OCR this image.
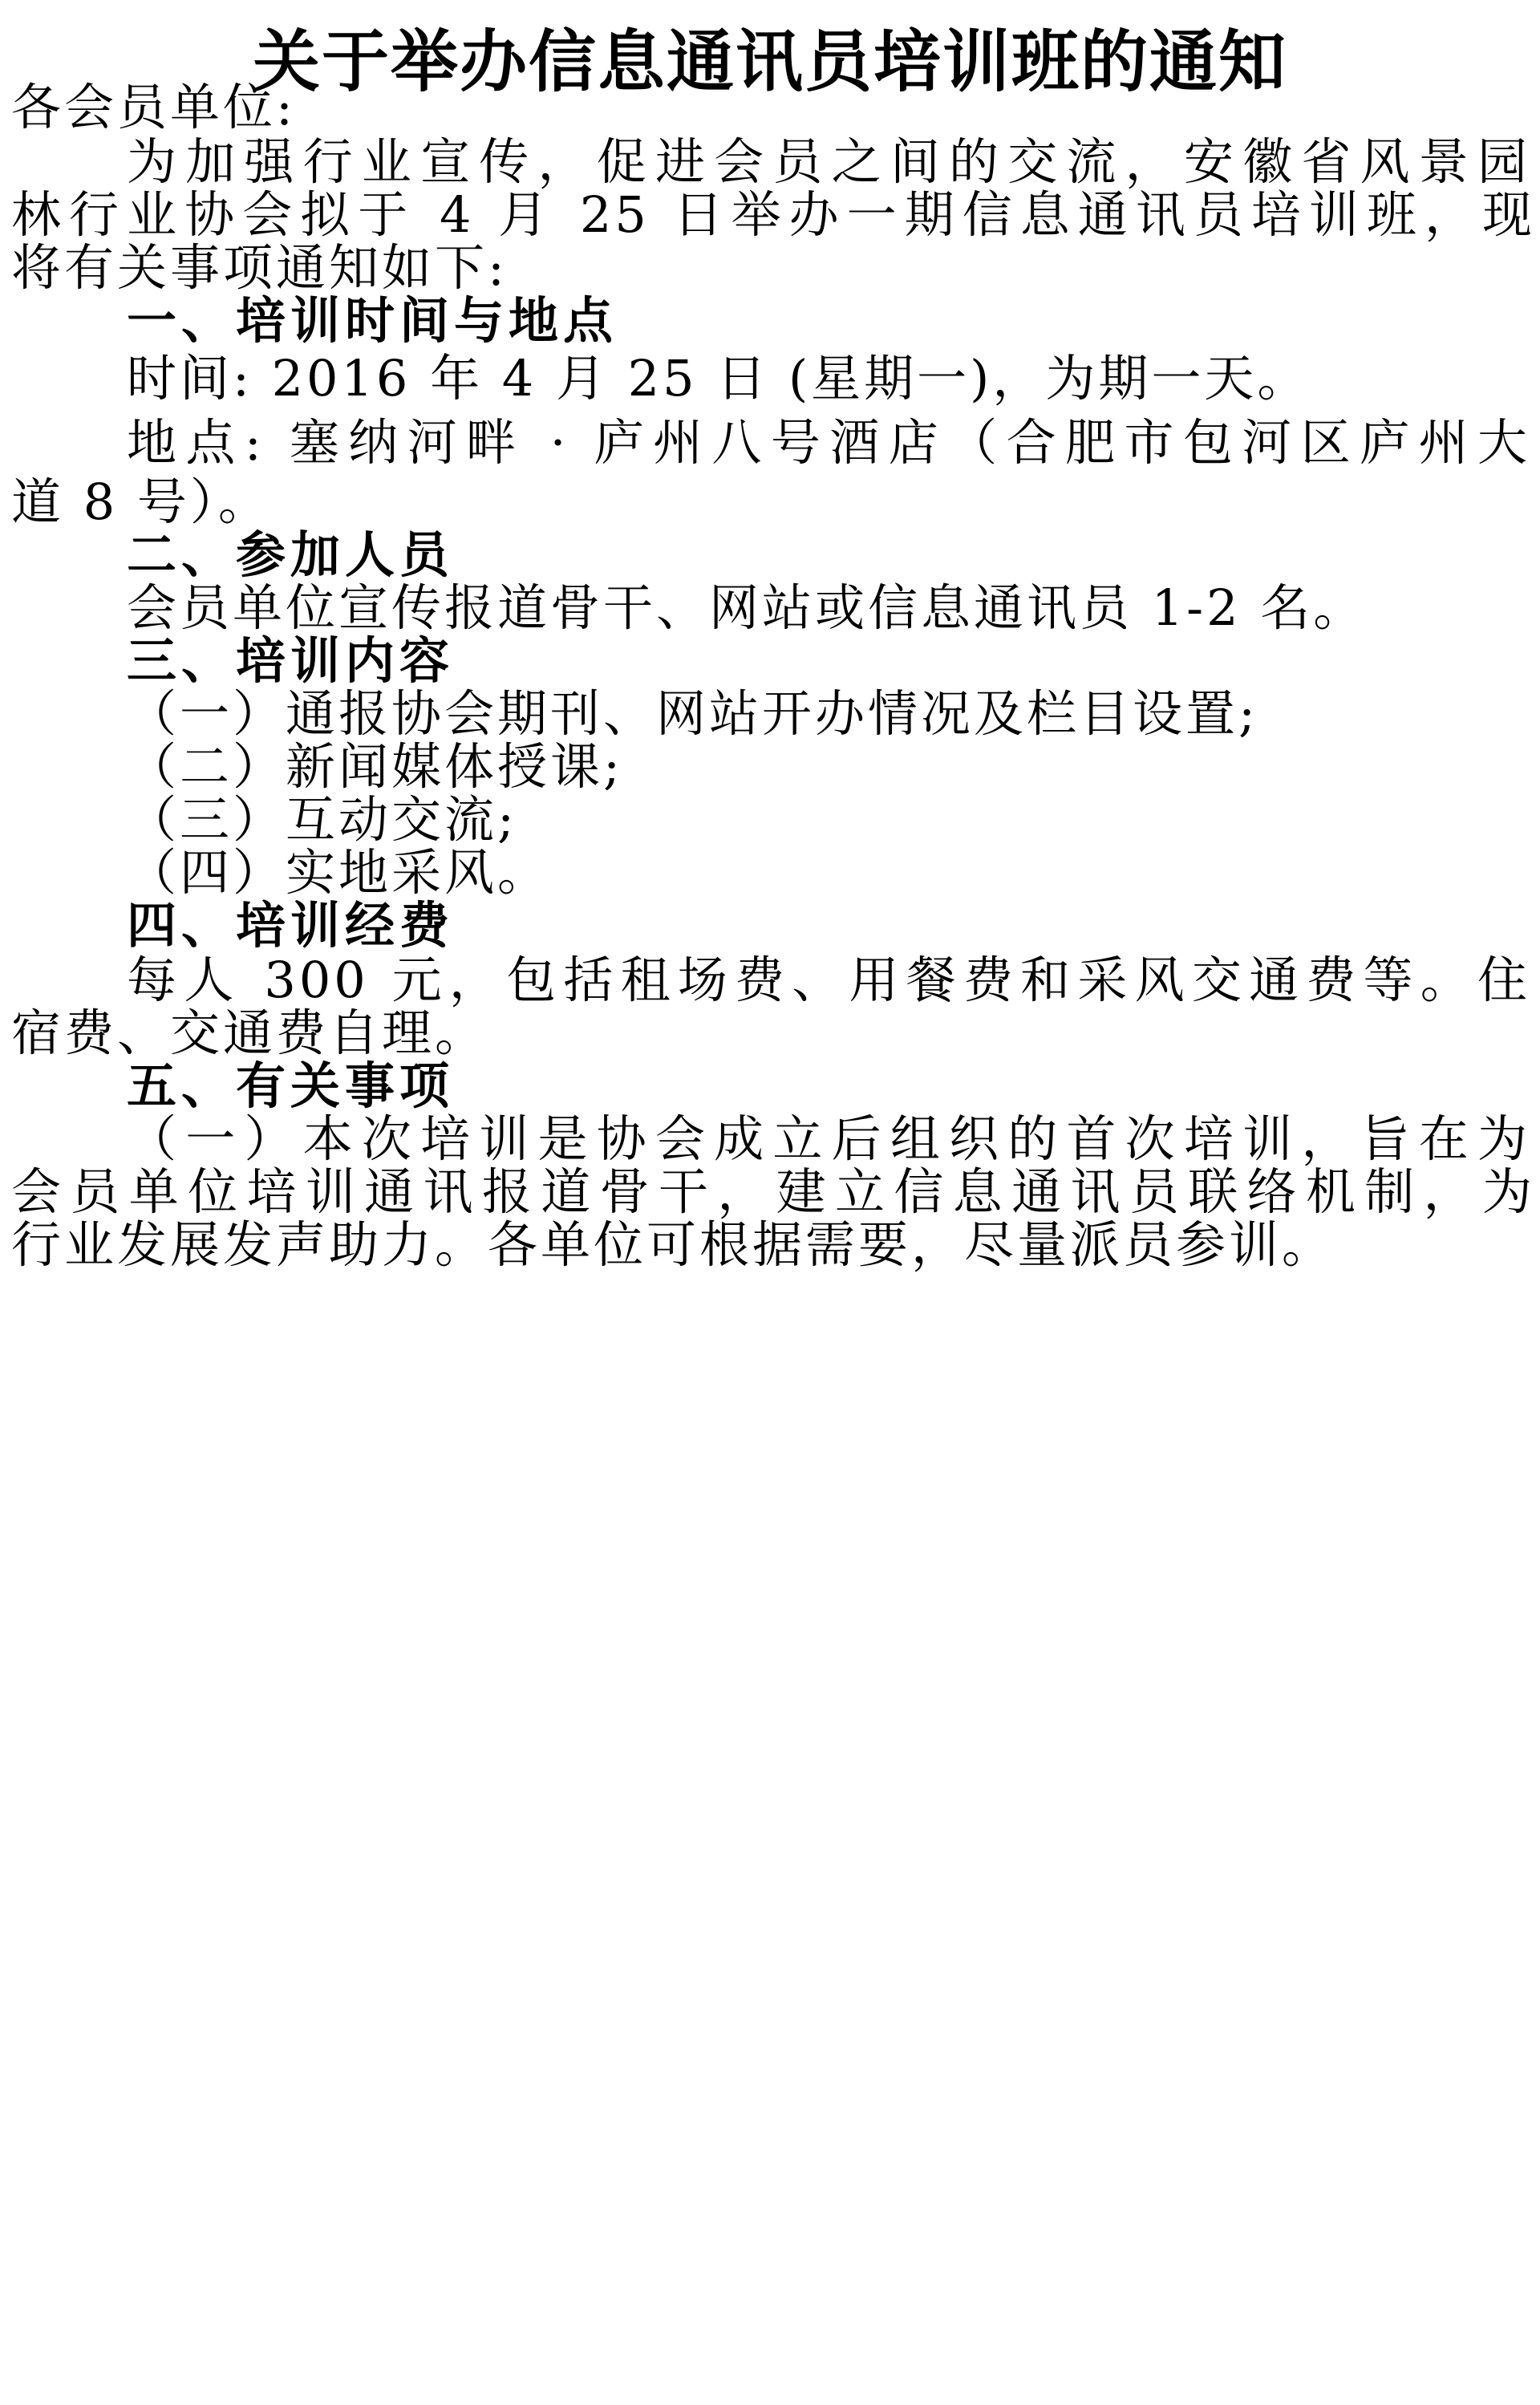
关于举办信息通讯员培训班的通知
各会员单位:
为加强行业宣传，促进会员之间的交流，安徽省风景园
林行业协会拟于 4 月 25 日举办一期信息通讯员培训班，现
将有关事项通知如下:
一、培训时间与地点
时间: 2016 年 4 月 25 日 (星期一)，为期一天。
地点: 塞纳河畔 · 庐州八号酒店（合肥市包河区庐州大
道 8 号）。
二、参加人员
会员单位宣传报道骨干、网站或信息通讯员 1-2 名。
三、培训内容
（一）通报协会期刊、网站开办情况及栏目设置;
（二）新闻媒体授课;
（三）互动交流;
（四）实地采风。
四、培训经费
每人 300 元，包括租场费、用餐费和采风交通费等。住
宿费、交通费自理。
五、有关事项
（一）本次培训是协会成立后组织的首次培训，旨在为
会员单位培训通讯报道骨干，建立信息通讯员联络机制，为
行业发展发声助力。各单位可根据需要，尽量派员参训。
